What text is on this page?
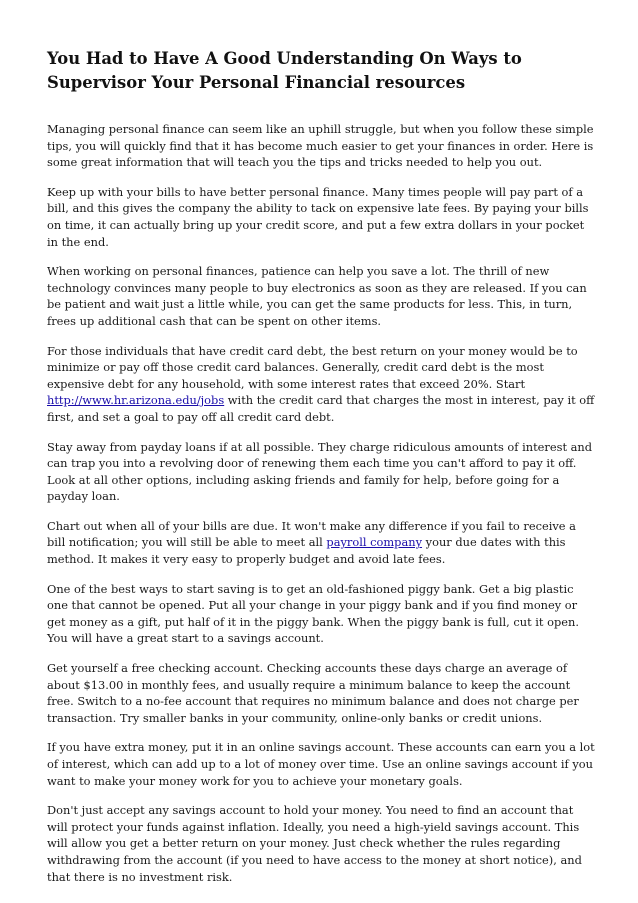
You Had to Have A Good Understanding On Ways to Supervisor Your Personal Financial resources

Managing personal finance can seem like an uphill struggle, but when you follow these simple tips, you will quickly find that it has become much easier to get your finances in order. Here is some great information that will teach you the tips and tricks needed to help you out.

Keep up with your bills to have better personal finance. Many times people will pay part of a bill, and this gives the company the ability to tack on expensive late fees. By paying your bills on time, it can actually bring up your credit score, and put a few extra dollars in your pocket in the end.

When working on personal finances, patience can help you save a lot. The thrill of new technology convinces many people to buy electronics as soon as they are released. If you can be patient and wait just a little while, you can get the same products for less. This, in turn, frees up additional cash that can be spent on other items.

For those individuals that have credit card debt, the best return on your money would be to minimize or pay off those credit card balances. Generally, credit card debt is the most expensive debt for any household, with some interest rates that exceed 20%. Start http://www.hr.arizona.edu/jobs with the credit card that charges the most in interest, pay it off first, and set a goal to pay off all credit card debt.

Stay away from payday loans if at all possible. They charge ridiculous amounts of interest and can trap you into a revolving door of renewing them each time you can't afford to pay it off. Look at all other options, including asking friends and family for help, before going for a payday loan.

Chart out when all of your bills are due. It won't make any difference if you fail to receive a bill notification; you will still be able to meet all payroll company your due dates with this method. It makes it very easy to properly budget and avoid late fees.

One of the best ways to start saving is to get an old-fashioned piggy bank. Get a big plastic one that cannot be opened. Put all your change in your piggy bank and if you find money or get money as a gift, put half of it in the piggy bank. When the piggy bank is full, cut it open. You will have a great start to a savings account.

Get yourself a free checking account. Checking accounts these days charge an average of about $13.00 in monthly fees, and usually require a minimum balance to keep the account free. Switch to a no-fee account that requires no minimum balance and does not charge per transaction. Try smaller banks in your community, online-only banks or credit unions.

If you have extra money, put it in an online savings account. These accounts can earn you a lot of interest, which can add up to a lot of money over time. Use an online savings account if you want to make your money work for you to achieve your monetary goals.

Don't just accept any savings account to hold your money. You need to find an account that will protect your funds against inflation. Ideally, you need a high-yield savings account. This will allow you get a better return on your money. Just check whether the rules regarding withdrawing from the account (if you need to have access to the money at short notice), and that there is no investment risk.
